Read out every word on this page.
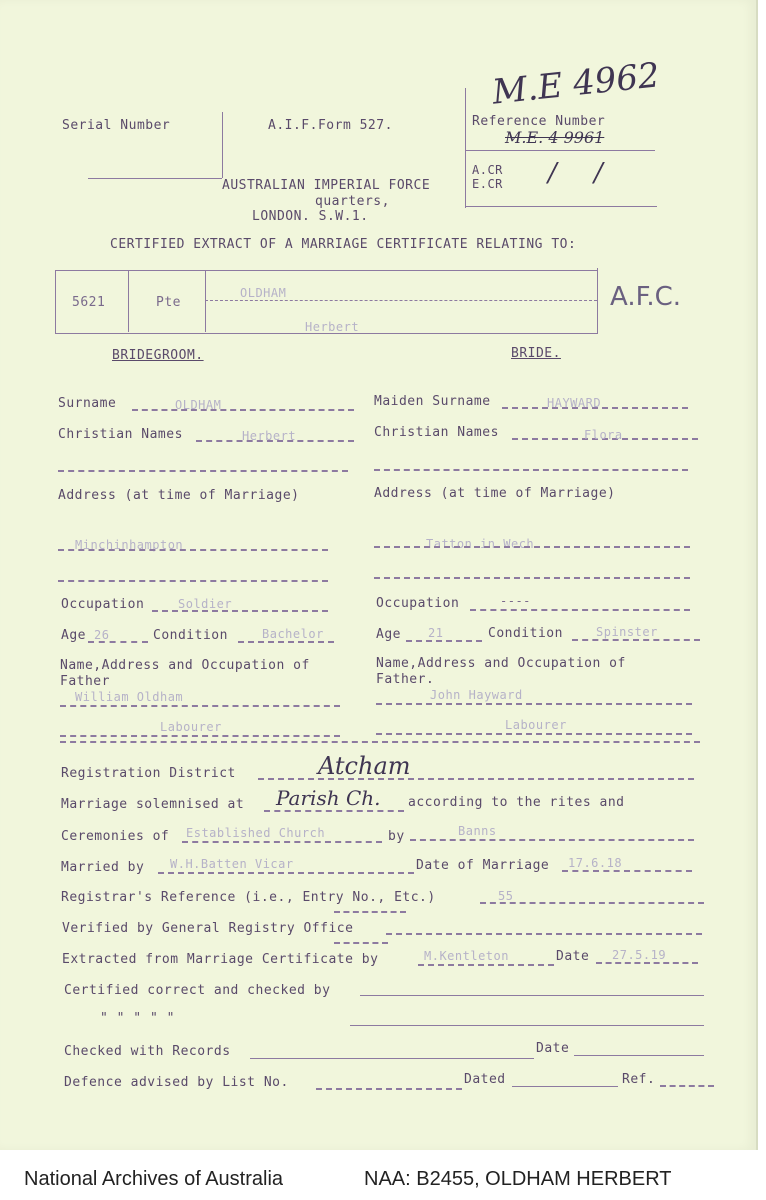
Serial Number	A.I.F.Form 527.
M.E 4962
Reference Number
M.E. 4 9961
A.CR
E.CR / /
AUSTRALIAN IMPERIAL FORCE
quarters,
LONDON. S.W.1.
CERTIFIED EXTRACT OF A MARRIAGE CERTIFICATE RELATING TO:
5621	Pte
OLDHAM
Herbert
A.F.C.
BRIDEGROOM.	BRIDE.
Surname	OLDHAM
Christian Names	Herbert
Address (at time of Marriage)
Minchinhampton
Occupation	Soldier
Age 26	Condition	Bachelor
Name,Address and Occupation of Father
William Oldham
Labourer
Maiden Surname	HAYWARD
Christian Names	Flora
Address (at time of Marriage)
Tatton in Wech
Occupation	----
Age 21	Condition	Spinster
Name,Address and Occupation of Father.
John Hayward
Labourer
Registration District	Atcham
Marriage solemnised at Parish Ch. according to the rites and
Ceremonies of Established Church	by	Banns
Married by W.H.Batten Vicar	Date of Marriage 17.6.18
Registrar's Reference (i.e., Entry No., Etc.)	55
Verified by General Registry Office
Extracted from Marriage Certificate by	M.Kentleton	Date 27.5.19
Certified correct and checked by
" " " " "
Checked with Records	Date
Defence advised by List No.	Dated	Ref.
National Archives of Australia	NAA: B2455, OLDHAM HERBERT
